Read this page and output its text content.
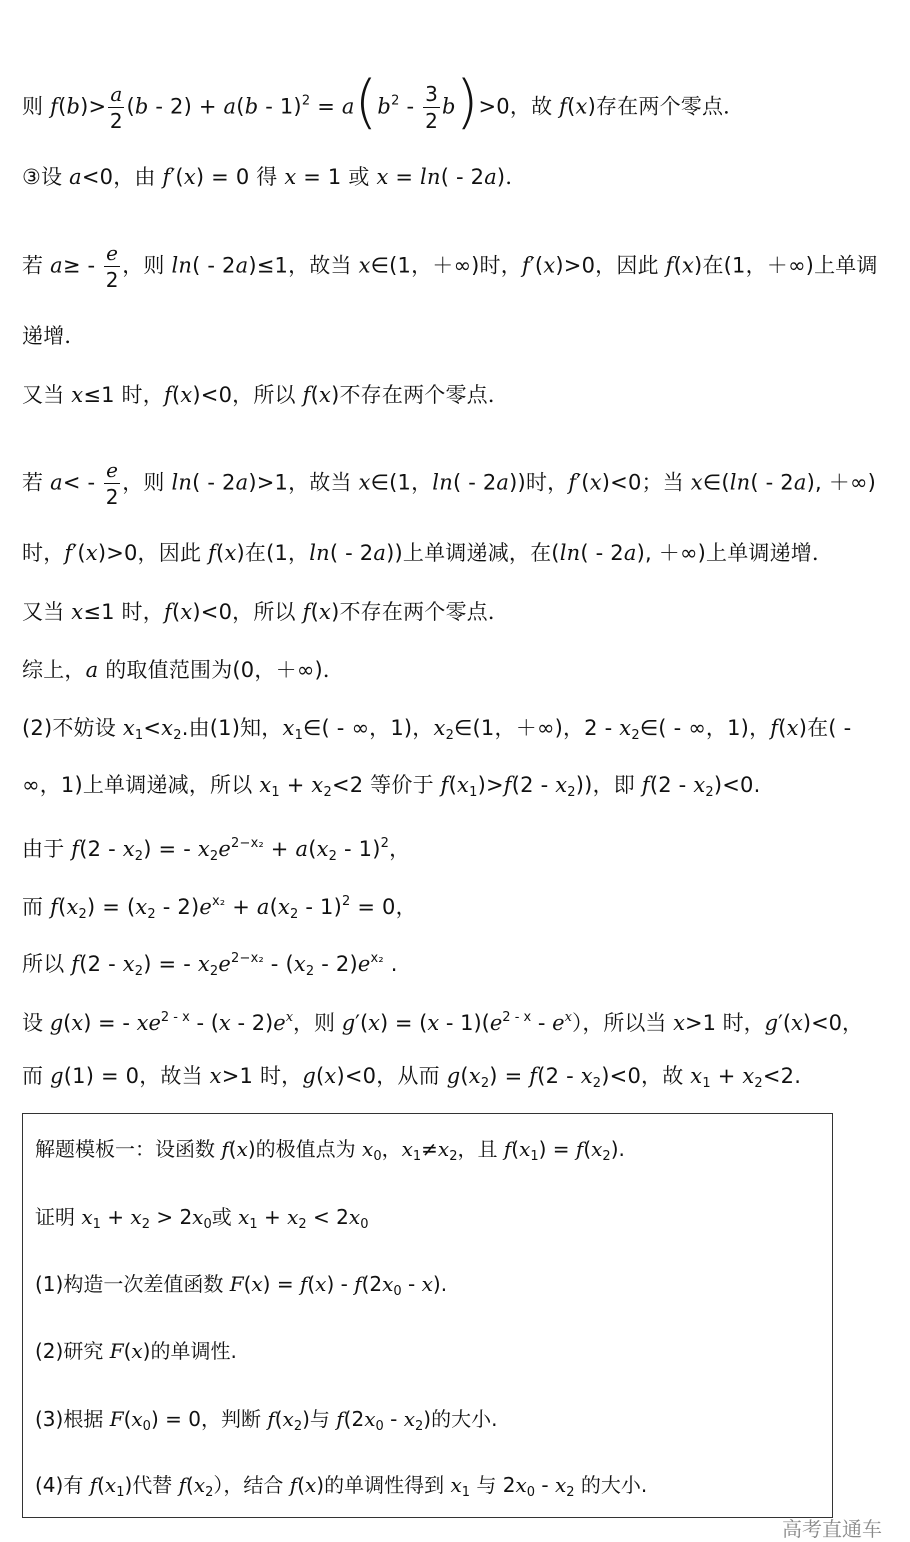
则 $f(b)> \frac{a}{2} (b - 2) + a(b - 1)^2 = a(b^2 - \frac{3}{2} b)>0$，故 f(x)存在两个零点．
③设 a<0，由 f′(x) = 0 得 x = 1 或 x = ln( - 2a)．
若 $a\ge - \frac{e}{2}$ ，则 ln( - 2a)≤1，故当 x∈(1，＋∞)时，f′(x)>0，因此 f(x)在(1，＋∞)上单调
递增．
又当 x≤1 时，f(x)<0，所以 f(x)不存在两个零点．
若 $a< - \frac{e}{2}$ ，则 ln( - 2a)>1，故当 x∈(1，ln( - 2a))时，f′(x)<0；当 x∈(ln( - 2a), ＋∞)
时，f′(x)>0，因此 f(x)在(1，ln( - 2a))上单调递减，在(ln( - 2a), ＋∞)上单调递增．
又当 x≤1 时，f(x)<0，所以 f(x)不存在两个零点．
综上，a 的取值范围为(0，＋∞)．
(2)不妨设 $x_1<x_2$.由(1)知，$x_1\in$( - ∞，1)，$x_2\in(1$，＋∞)，$2 - x_2\in$( - ∞，1)，f(x)在( -
∞，1)上单调递减，所以 $x_1 + x_2<2$ 等价于 $f(x_1)>f(2 - x_2)$)，即 $f(2 - x_2)<0$.
由于 $f(2 - x_2)$ = - $x_2e^{2-x_2} + a(x_2 - 1)^2$，
而 $f(x_2) = (x_2 - 2)e^{x_2} + a(x_2 - 1)^2 = 0$，
所以 $f(2 - x_2)$ = - $x_2e^{2-x_2} - (x_2 - 2)e^{x_2}$ .
设 g(x) = - $xe^{2 - x} - (x - 2)e^x$，则 $g'(x) = (x - 1)(e^{2 - x} - e^x)$，所以当 x>1 时，g′(x)<0，
而 g(1) = 0，故当 x>1 时，g(x)<0，从而 $g(x_2) = f(2 - x_2)<0$，故 $x_1 + x_2<2$.
解题模板一：设函数 f(x)的极值点为 $x_0$，$x_1\ne x_2$，且 $f(x_1) = f(x_2)$.
证明 $x_1 + x_2 > 2x_0$或 $x_1 + x_2 < 2x_0$
(1)构造一次差值函数 $F(x) = f(x) - f(2x_0 - x)$.
(2)研究 F(x)的单调性.
(3)根据 $F(x_0) = 0$，判断 $f(x_2)$与 $f(2x_0 - x_2)$的大小.
(4)有 $f(x_1)$代替 $f(x_2)$，结合 f(x)的单调性得到 $x_1$ 与 $2x_0 - x_2$ 的大小.
高考直通车
